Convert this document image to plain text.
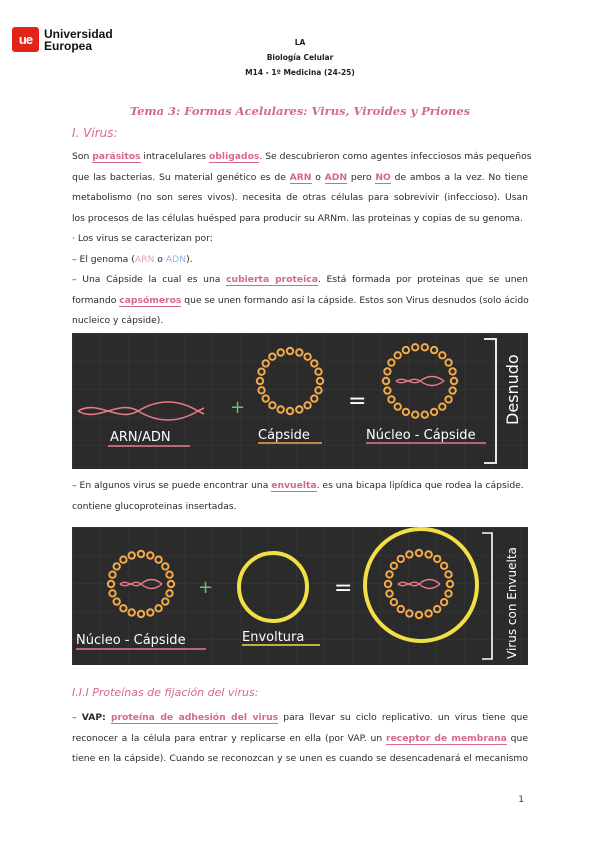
ue Universidad
Europea	LA
Biología Celular
M14 - 1º Medicina (24-25)
Tema 3: Formas Acelulares: Virus, Viroides y Priones
I. Virus:
Son parásitos intracelulares obligados. Se descubrieron como agentes infecciosos más pequeños
que las bacterias. Su material genético es de ARN o ADN pero NO de ambos a la vez. No tiene
metabolismo (no son seres vivos). necesita de otras células para sobrevivir (infeccioso). Usan
los procesos de las células huésped para producir su ARNm. las proteinas y copias de su genoma.
· Los virus se caracterizan por:
– El genoma (ARN o ADN).
– Una Cápside la cual es una cubierta proteica. Está formada por proteinas que se unen
formando capsómeros que se unen formando así la cápside. Estos son Virus desnudos (solo ácido
nucleico y cápside).
+	=
ARN/ADN	Cápside	Núcleo - Cápside
Desnudo
– En algunos virus se puede encontrar una envuelta. es una bicapa lipídica que rodea la cápside.
contiene glucoproteinas insertadas.
+	=
Núcleo - Cápside	Envoltura	Virus con Envuelta
I.I.I Proteínas de fijación del virus:
– VAP: proteína de adhesión del virus para llevar su ciclo replicativo. un virus tiene que
reconocer a la célula para entrar y replicarse en ella (por VAP. un receptor de membrana que
tiene en la cápside). Cuando se reconozcan y se unen es cuando se desencadenará el mecanismo
1
